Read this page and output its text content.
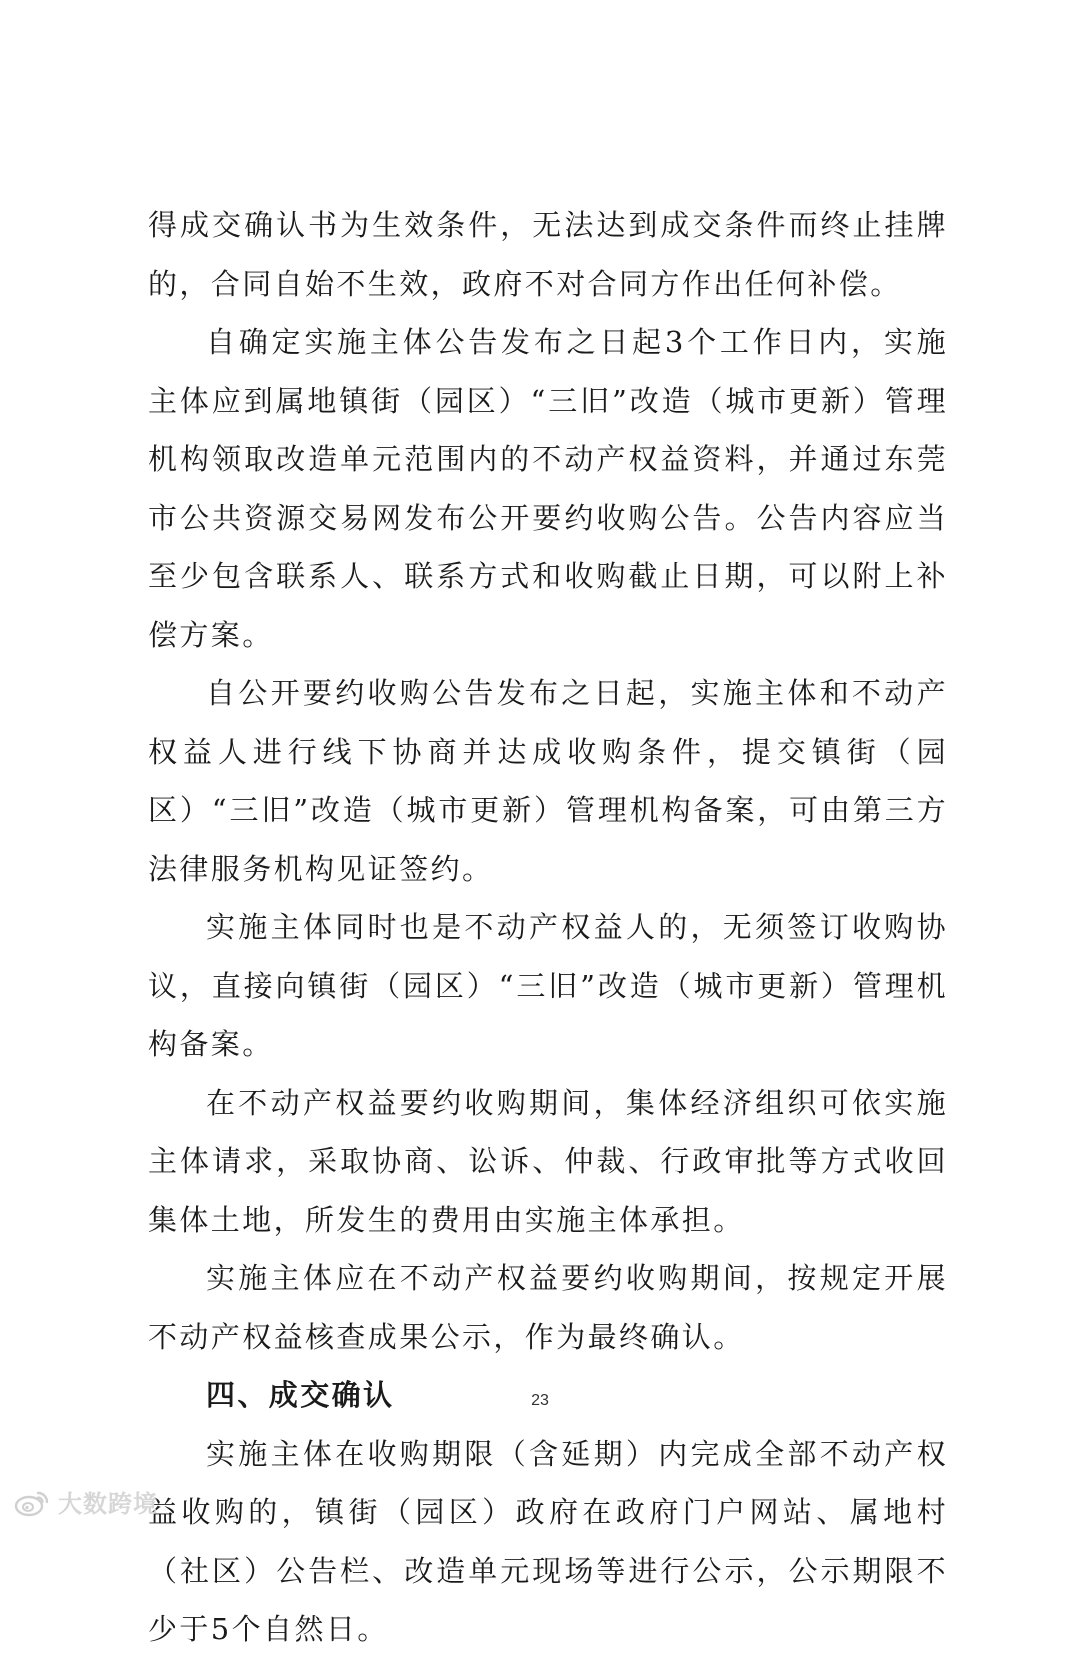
得成交确认书为生效条件，无法达到成交条件而终止挂牌的，合同自始不生效，政府不对合同方作出任何补偿。

自确定实施主体公告发布之日起3个工作日内，实施主体应到属地镇街（园区）“三旧”改造（城市更新）管理机构领取改造单元范围内的不动产权益资料，并通过东莞市公共资源交易网发布公开要约收购公告。公告内容应当至少包含联系人、联系方式和收购截止日期，可以附上补偿方案。

自公开要约收购公告发布之日起，实施主体和不动产权益人进行线下协商并达成收购条件，提交镇街（园区）“三旧”改造（城市更新）管理机构备案，可由第三方法律服务机构见证签约。

实施主体同时也是不动产权益人的，无须签订收购协议，直接向镇街（园区）“三旧”改造（城市更新）管理机构备案。

在不动产权益要约收购期间，集体经济组织可依实施主体请求，采取协商、讼诉、仲裁、行政审批等方式收回集体土地，所发生的费用由实施主体承担。

实施主体应在不动产权益要约收购期间，按规定开展不动产权益核查成果公示，作为最终确认。

四、成交确认

实施主体在收购期限（含延期）内完成全部不动产权益收购的，镇街（园区）政府在政府门户网站、属地村（社区）公告栏、改造单元现场等进行公示，公示期限不少于5个自然日。

23
大数跨境
